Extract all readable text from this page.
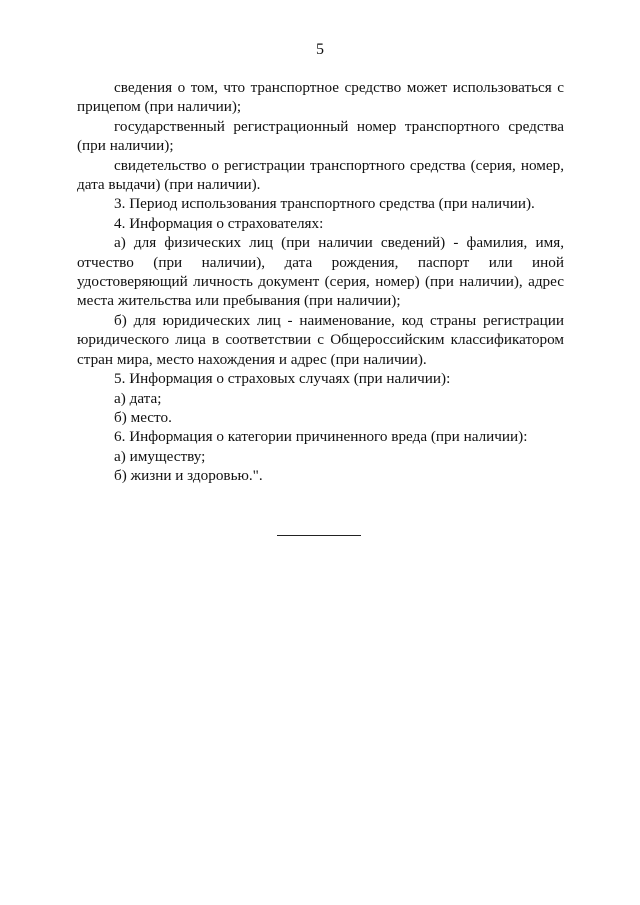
5

сведения о том, что транспортное средство может использоваться с прицепом (при наличии);

государственный регистрационный номер транспортного средства (при наличии);

свидетельство о регистрации транспортного средства (серия, номер, дата выдачи) (при наличии).

3. Период использования транспортного средства (при наличии).

4. Информация о страхователях:

а) для физических лиц (при наличии сведений) - фамилия, имя, отчество (при наличии), дата рождения, паспорт или иной удостоверяющий личность документ (серия, номер) (при наличии), адрес места жительства или пребывания (при наличии);

б) для юридических лиц - наименование, код страны регистрации юридического лица в соответствии с Общероссийским классификатором стран мира, место нахождения и адрес (при наличии).

5. Информация о страховых случаях (при наличии):

а) дата;

б) место.

6. Информация о категории причиненного вреда (при наличии):

а) имуществу;

б) жизни и здоровью.".
